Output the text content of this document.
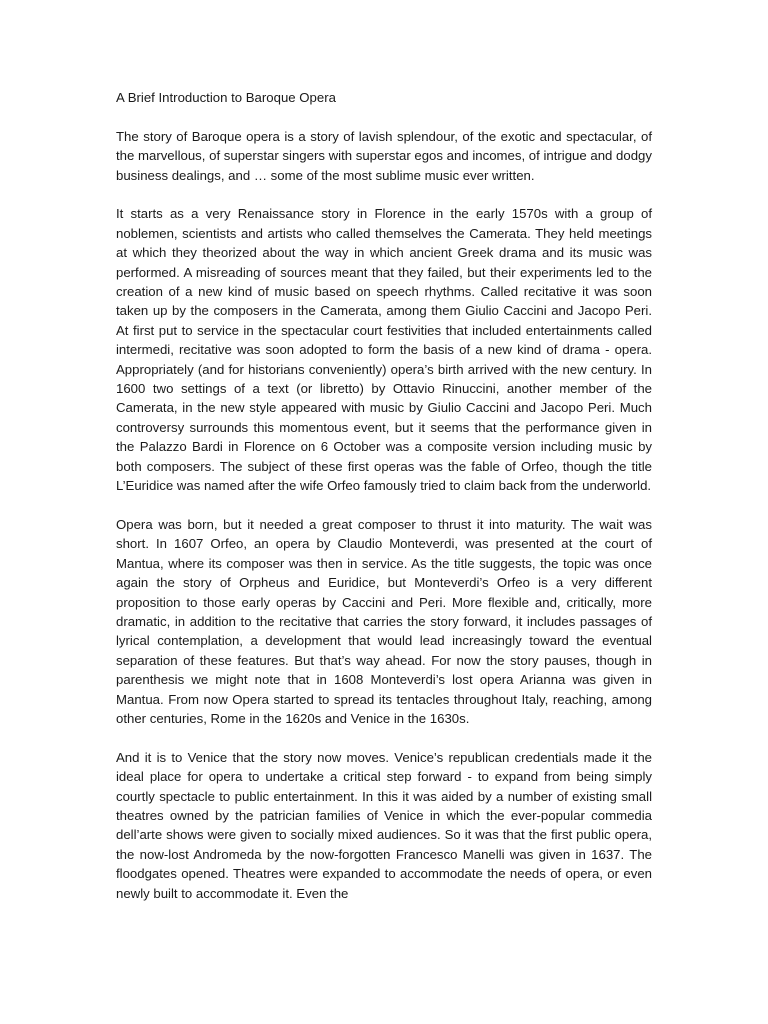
A Brief Introduction to Baroque Opera

The story of Baroque opera is a story of lavish splendour, of the exotic and spectacular, of the marvellous, of superstar singers with superstar egos and incomes, of intrigue and dodgy business dealings, and … some of the most sublime music ever written.

It starts as a very Renaissance story in Florence in the early 1570s with a group of noblemen, scientists and artists who called themselves the Camerata. They held meetings at which they theorized about the way in which ancient Greek drama and its music was performed. A misreading of sources meant that they failed, but their experiments led to the creation of a new kind of music based on speech rhythms. Called recitative it was soon taken up by the composers in the Camerata, among them Giulio Caccini and Jacopo Peri. At first put to service in the spectacular court festivities that included entertainments called intermedi, recitative was soon adopted to form the basis of a new kind of drama - opera. Appropriately (and for historians conveniently) opera’s birth arrived with the new century. In 1600 two settings of a text (or libretto) by Ottavio Rinuccini, another member of the Camerata, in the new style appeared with music by Giulio Caccini and Jacopo Peri. Much controversy surrounds this momentous event, but it seems that the performance given in the Palazzo Bardi in Florence on 6 October was a composite version including music by both composers. The subject of these first operas was the fable of Orfeo, though the title L’Euridice was named after the wife Orfeo famously tried to claim back from the underworld.

Opera was born, but it needed a great composer to thrust it into maturity. The wait was short. In 1607 Orfeo, an opera by Claudio Monteverdi, was presented at the court of Mantua, where its composer was then in service. As the title suggests, the topic was once again the story of Orpheus and Euridice, but Monteverdi’s Orfeo is a very different proposition to those early operas by Caccini and Peri. More flexible and, critically, more dramatic, in addition to the recitative that carries the story forward, it includes passages of lyrical contemplation, a development that would lead increasingly toward the eventual separation of these features. But that’s way ahead. For now the story pauses, though in parenthesis we might note that in 1608 Monteverdi’s lost opera Arianna was given in Mantua. From now Opera started to spread its tentacles throughout Italy, reaching, among other centuries, Rome in the 1620s and Venice in the 1630s.

And it is to Venice that the story now moves. Venice’s republican credentials made it the ideal place for opera to undertake a critical step forward - to expand from being simply courtly spectacle to public entertainment. In this it was aided by a number of existing small theatres owned by the patrician families of Venice in which the ever-popular commedia dell’arte shows were given to socially mixed audiences. So it was that the first public opera, the now-lost Andromeda by the now-forgotten Francesco Manelli was given in 1637. The floodgates opened. Theatres were expanded to accommodate the needs of opera, or even newly built to accommodate it. Even the
